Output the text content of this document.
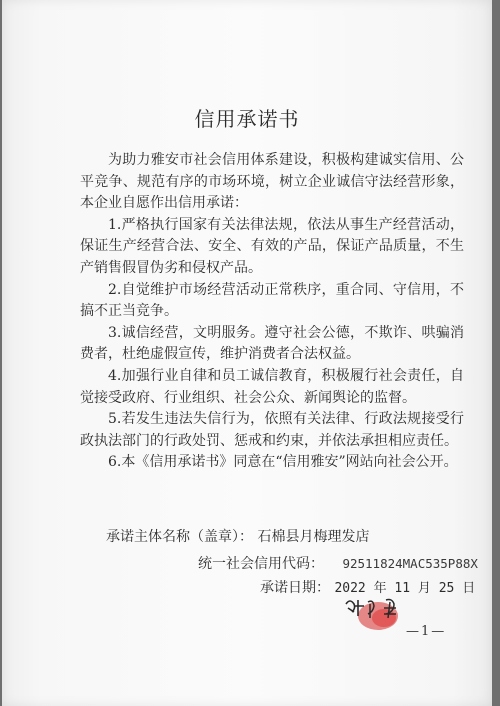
信用承诺书

为助力雅安市社会信用体系建设，积极构建诚实信用、公平竞争、规范有序的市场环境，树立企业诚信守法经营形象，本企业自愿作出信用承诺：

1.严格执行国家有关法律法规，依法从事生产经营活动，保证生产经营合法、安全、有效的产品，保证产品质量，不生产销售假冒伪劣和侵权产品。

2.自觉维护市场经营活动正常秩序，重合同、守信用，不搞不正当竞争。

3.诚信经营，文明服务。遵守社会公德，不欺诈、哄骗消费者，杜绝虚假宣传，维护消费者合法权益。

4.加强行业自律和员工诚信教育，积极履行社会责任，自觉接受政府、行业组织、社会公众、新闻舆论的监督。

5.若发生违法失信行为，依照有关法律、行政法规接受行政执法部门的行政处罚、惩戒和约束，并依法承担相应责任。

6.本《信用承诺书》同意在“信用雅安”网站向社会公开。

承诺主体名称（盖章）： 石棉县月梅理发店
统一社会信用代码： 92511824MAC535P88X
承诺日期： 2022 年 11 月 25 日
—1—
